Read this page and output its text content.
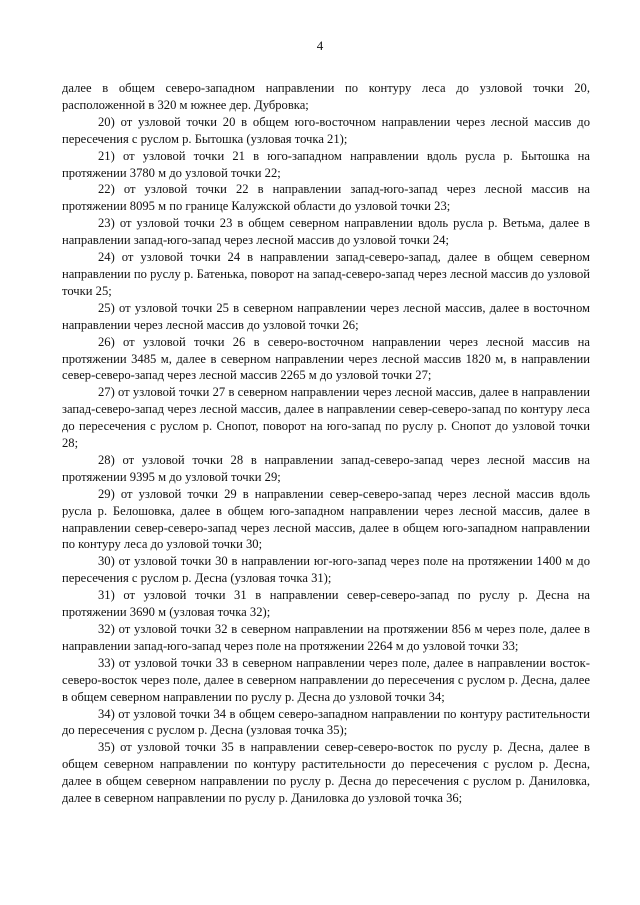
4

далее в общем северо-западном направлении по контуру леса до узловой точки 20, расположенной в 320 м южнее дер. Дубровка;

20) от узловой точки 20 в общем юго-восточном направлении через лесной массив до пересечения с руслом р. Бытошка (узловая точка 21);

21) от узловой точки 21 в юго-западном направлении вдоль русла р. Бытошка на протяжении 3780 м до узловой точки 22;

22) от узловой точки 22 в направлении запад-юго-запад через лесной массив на протяжении 8095 м по границе Калужской области до узловой точки 23;

23) от узловой точки 23 в общем северном направлении вдоль русла р. Ветьма, далее в направлении запад-юго-запад через лесной массив до узловой точки 24;

24) от узловой точки 24 в направлении запад-северо-запад, далее в общем северном направлении по руслу р. Батенька, поворот на запад-северо-запад через лесной массив до узловой точки 25;

25) от узловой точки 25 в северном направлении через лесной массив, далее в восточном направлении через лесной массив до узловой точки 26;

26) от узловой точки 26 в северо-восточном направлении через лесной массив на протяжении 3485 м, далее в северном направлении через лесной массив 1820 м, в направлении север-северо-запад через лесной массив 2265 м до узловой точки 27;

27) от узловой точки 27 в северном направлении через лесной массив, далее в направлении запад-северо-запад через лесной массив, далее в направлении север-северо-запад по контуру леса до пересечения с руслом р. Снопот, поворот на юго-запад по руслу р. Снопот до узловой точки 28;

28) от узловой точки 28 в направлении запад-северо-запад через лесной массив на протяжении 9395 м до узловой точки 29;

29) от узловой точки 29 в направлении север-северо-запад через лесной массив вдоль русла р. Белошовка, далее в общем юго-западном направлении через лесной массив, далее в направлении север-северо-запад через лесной массив, далее в общем юго-западном направлении по контуру леса до узловой точки 30;

30) от узловой точки 30 в направлении юг-юго-запад через поле на протяжении 1400 м до пересечения с руслом р. Десна (узловая точка 31);

31) от узловой точки 31 в направлении север-северо-запад по руслу р. Десна на протяжении 3690 м (узловая точка 32);

32) от узловой точки 32 в северном направлении на протяжении 856 м через поле, далее в направлении запад-юго-запад через поле на протяжении 2264 м до узловой точки 33;

33) от узловой точки 33 в северном направлении через поле, далее в направлении восток-северо-восток через поле, далее в северном направлении до пересечения с руслом р. Десна, далее в общем северном направлении по руслу р. Десна до узловой точки 34;

34) от узловой точки 34 в общем северо-западном направлении по контуру растительности до пересечения с руслом р. Десна (узловая точка 35);

35) от узловой точки 35 в направлении север-северо-восток по руслу р. Десна, далее в общем северном направлении по контуру растительности до пересечения с руслом р. Десна, далее в общем северном направлении по руслу р. Десна до пересечения с руслом р. Даниловка, далее в северном направлении по руслу р. Даниловка до узловой точка 36;
